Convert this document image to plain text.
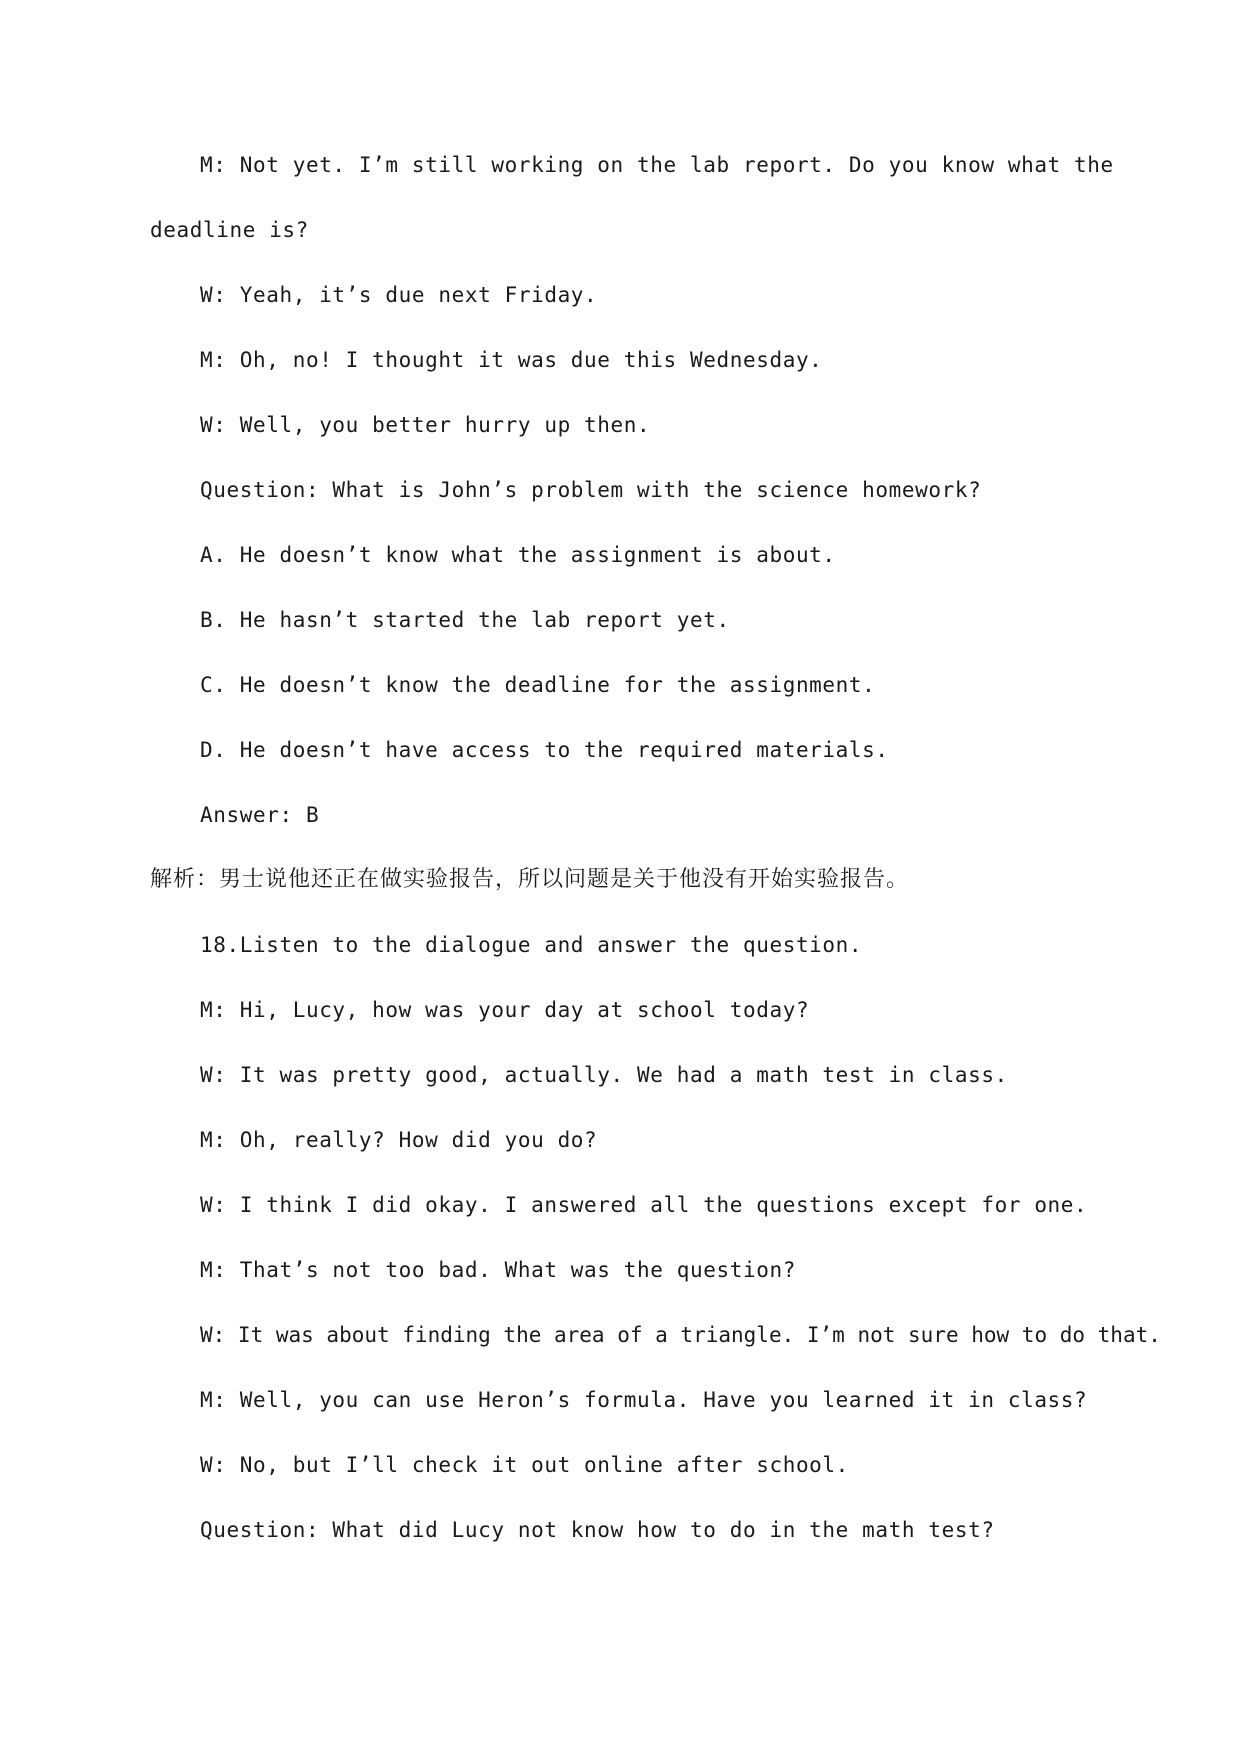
M: Not yet. I’m still working on the lab report. Do you know what the

deadline is?

W: Yeah, it’s due next Friday.

M: Oh, no! I thought it was due this Wednesday.

W: Well, you better hurry up then.

Question: What is John’s problem with the science homework?

A. He doesn’t know what the assignment is about.

B. He hasn’t started the lab report yet.

C. He doesn’t know the deadline for the assignment.

D. He doesn’t have access to the required materials.

Answer: B

解析：男士说他还正在做实验报告，所以问题是关于他没有开始实验报告。

18.Listen to the dialogue and answer the question.

M: Hi, Lucy, how was your day at school today?

W: It was pretty good, actually. We had a math test in class.

M: Oh, really? How did you do?

W: I think I did okay. I answered all the questions except for one.

M: That’s not too bad. What was the question?

W: It was about finding the area of a triangle. I’m not sure how to do that.

M: Well, you can use Heron’s formula. Have you learned it in class?

W: No, but I’ll check it out online after school.

Question: What did Lucy not know how to do in the math test?
